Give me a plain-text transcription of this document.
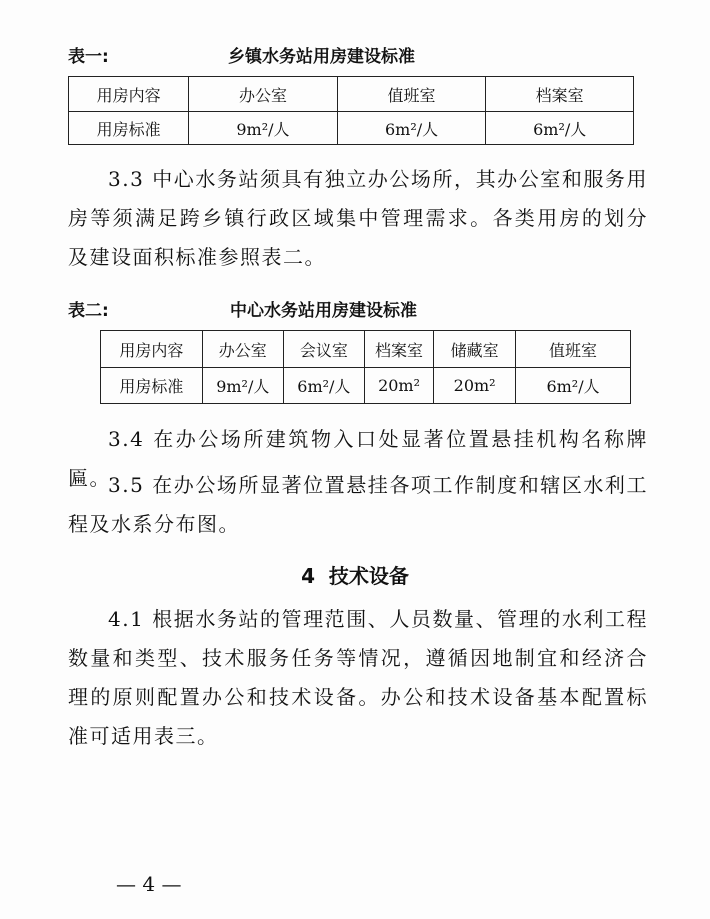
表一:	乡镇水务站用房建设标准
用房内容	办公室	值班室	档案室
用房标准	9m²/人	6m²/人	6m²/人
3.3 中心水务站须具有独立办公场所，其办公室和服务用房等须满足跨乡镇行政区域集中管理需求。各类用房的划分及建设面积标准参照表二。
表二:	中心水务站用房建设标准
用房内容	办公室	会议室	档案室	储藏室	值班室
用房标准	9m²/人	6m²/人	20m²	20m²	6m²/人
3.4 在办公场所建筑物入口处显著位置悬挂机构名称牌匾。
3.5 在办公场所显著位置悬挂各项工作制度和辖区水利工程及水系分布图。
4  技术设备
4.1 根据水务站的管理范围、人员数量、管理的水利工程数量和类型、技术服务任务等情况，遵循因地制宜和经济合理的原则配置办公和技术设备。办公和技术设备基本配置标准可适用表三。
— 4 —
